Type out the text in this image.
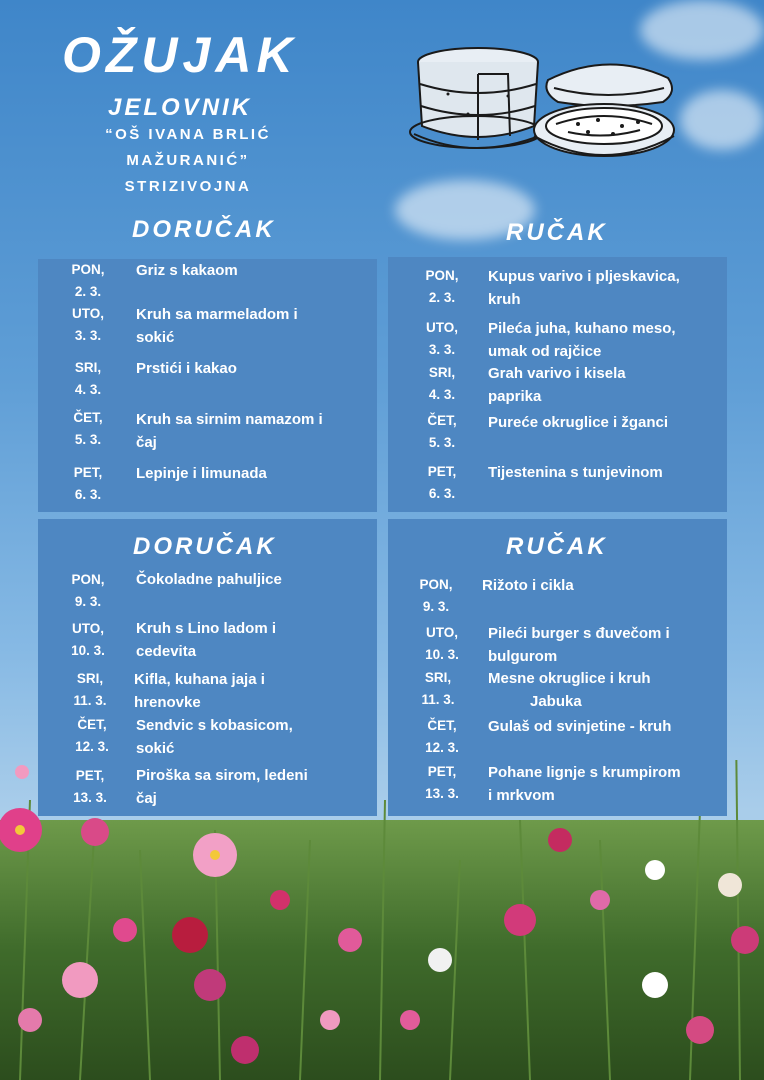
OŽUJAK
JELOVNIK
“OŠ IVANA BRLIĆ
MAŽURANIĆ”
STRIZIVOJNA
DORUČAK	RUČAK
PON,
2. 3.
Griz s kakaom

UTO,
3. 3.
Kruh sa marmeladom i
sokić
SRI,
4. 3.
Prstići i kakao
ČET,
5. 3.
Kruh sa sirnim namazom i
čaj
PET,
6. 3.
Lepinje i limunada
PON,
2. 3.
Kupus varivo i pljeskavica,
kruh
UTO,
3. 3.
Pileća juha, kuhano meso,
umak od rajčice
SRI,
4. 3.
Grah varivo i kisela
paprika
ČET,
5. 3.
Pureće okruglice i žganci
PET,
6. 3.
Tijestenina s tunjevinom
DORUČAK
PON,
9. 3.
Čokoladne pahuljice
UTO,
10. 3.
Kruh s Lino ladom i
cedevita
SRI,
11. 3.
Kifla, kuhana jaja i
hrenovke
ČET,
12. 3.
Sendvic s kobasicom,
sokić
PET,
13. 3.
Piroška sa sirom, ledeni
čaj
RUČAK
PON,
9. 3.
Rižoto i cikla
UTO,
10. 3.
Pileći burger s đuvečom i
bulgurom
SRI,
11. 3.
Mesne okruglice i kruh
Jabuka
ČET,
12. 3.
Gulaš od svinjetine - kruh
PET,
13. 3.
Pohane lignje s krumpirom
i mrkvom
